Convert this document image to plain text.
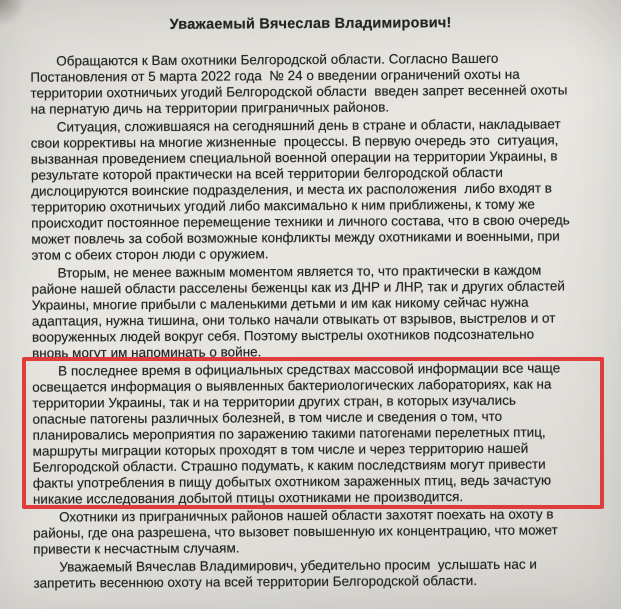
Уважаемый Вячеслав Владимирович!
Обращаются к Вам охотники Белгородской области. Согласно Вашего
Постановления от 5 марта 2022 года  № 24 о введении ограничений охоты на
территории охотничьих угодий Белгородской области  введен запрет весенней охоты
на пернатую дичь на территории приграничных районов.
Ситуация, сложившаяся на сегодняшний день в стране и области, накладывает
свои коррективы на многие жизненные  процессы. В первую очередь это  ситуация,
вызванная проведением специальной военной операции на территории Украины, в
результате которой практически на всей территории белгородской области
дислоцируются воинские подразделения, и места их расположения  либо входят в
территорию охотничьих угодий либо максимально к ним приближены, к тому же
происходит постоянное перемещение техники и личного состава, что в свою очередь
может повлечь за собой возможные конфликты между охотниками и военными, при
этом с обеих сторон люди с оружием.
Вторым, не менее важным моментом является то, что практически в каждом
районе нашей области расселены беженцы как из ДНР и ЛНР, так и других областей
Украины, многие прибыли с маленькими детьми и им как никому сейчас нужна
адаптация, нужна тишина, они только начали отвыкать от взрывов, выстрелов и от
вооруженных людей вокруг себя. Поэтому выстрелы охотников подсознательно
вновь могут им напоминать о войне.
В последнее время в официальных средствах массовой информации все чаще
освещается информация о выявленных бактериологических лабораториях, как на
территории Украины, так и на территории других стран, в которых изучались
опасные патогены различных болезней, в том числе и сведения о том, что
планировались мероприятия по заражению такими патогенами перелетных птиц,
маршруты миграции которых проходят в том числе и через территорию нашей
Белгородской области. Страшно подумать, к каким последствиям могут привести
факты употребления в пищу добытых охотником зараженных птиц, ведь зачастую
никакие исследования добытой птицы охотниками не производится.
Охотники из приграничных районов нашей области захотят поехать на охоту в
районы, где она разрешена, что вызовет повышенную их концентрацию, что может
привести к несчастным случаям.
Уважаемый Вячеслав Владимирович, убедительно просим  услышать нас и
запретить весеннюю охоту на всей территории Белгородской области.
